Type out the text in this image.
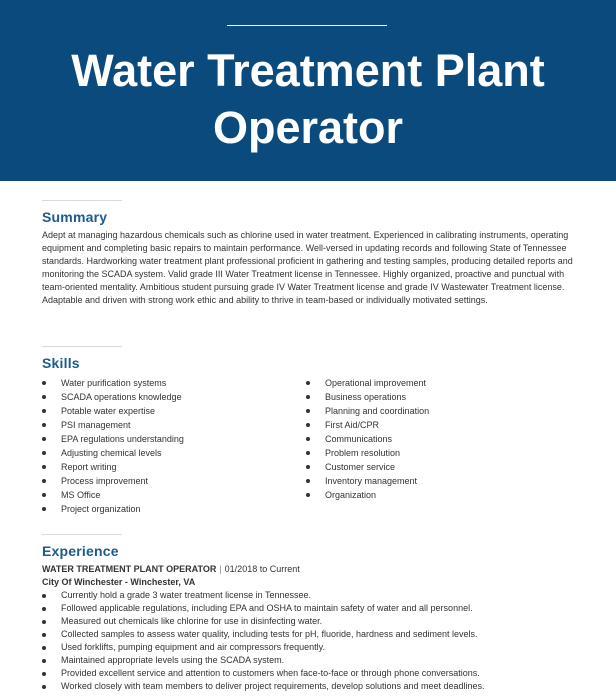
Water Treatment Plant Operator
Summary
Adept at managing hazardous chemicals such as chlorine used in water treatment. Experienced in calibrating instruments, operating equipment and completing basic repairs to maintain performance. Well-versed in updating records and following State of Tennessee standards. Hardworking water treatment plant professional proficient in gathering and testing samples, producing detailed reports and monitoring the SCADA system. Valid grade III Water Treatment license in Tennessee. Highly organized, proactive and punctual with team-oriented mentality. Ambitious student pursuing grade IV Water Treatment license and grade IV Wastewater Treatment license. Adaptable and driven with strong work ethic and ability to thrive in team-based or individually motivated settings.
Skills
Water purification systems
SCADA operations knowledge
Potable water expertise
PSI management
EPA regulations understanding
Adjusting chemical levels
Report writing
Process improvement
MS Office
Project organization
Operational improvement
Business operations
Planning and coordination
First Aid/CPR
Communications
Problem resolution
Customer service
Inventory management
Organization
Experience
WATER TREATMENT PLANT OPERATOR | 01/2018 to Current
City Of Winchester - Winchester, VA
Currently hold a grade 3 water treatment license in Tennessee.
Followed applicable regulations, including EPA and OSHA to maintain safety of water and all personnel.
Measured out chemicals like chlorine for use in disinfecting water.
Collected samples to assess water quality, including tests for pH, fluoride, hardness and sediment levels.
Used forklifts, pumping equipment and air compressors frequently.
Maintained appropriate levels using the SCADA system.
Provided excellent service and attention to customers when face-to-face or through phone conversations.
Worked closely with team members to deliver project requirements, develop solutions and meet deadlines.
